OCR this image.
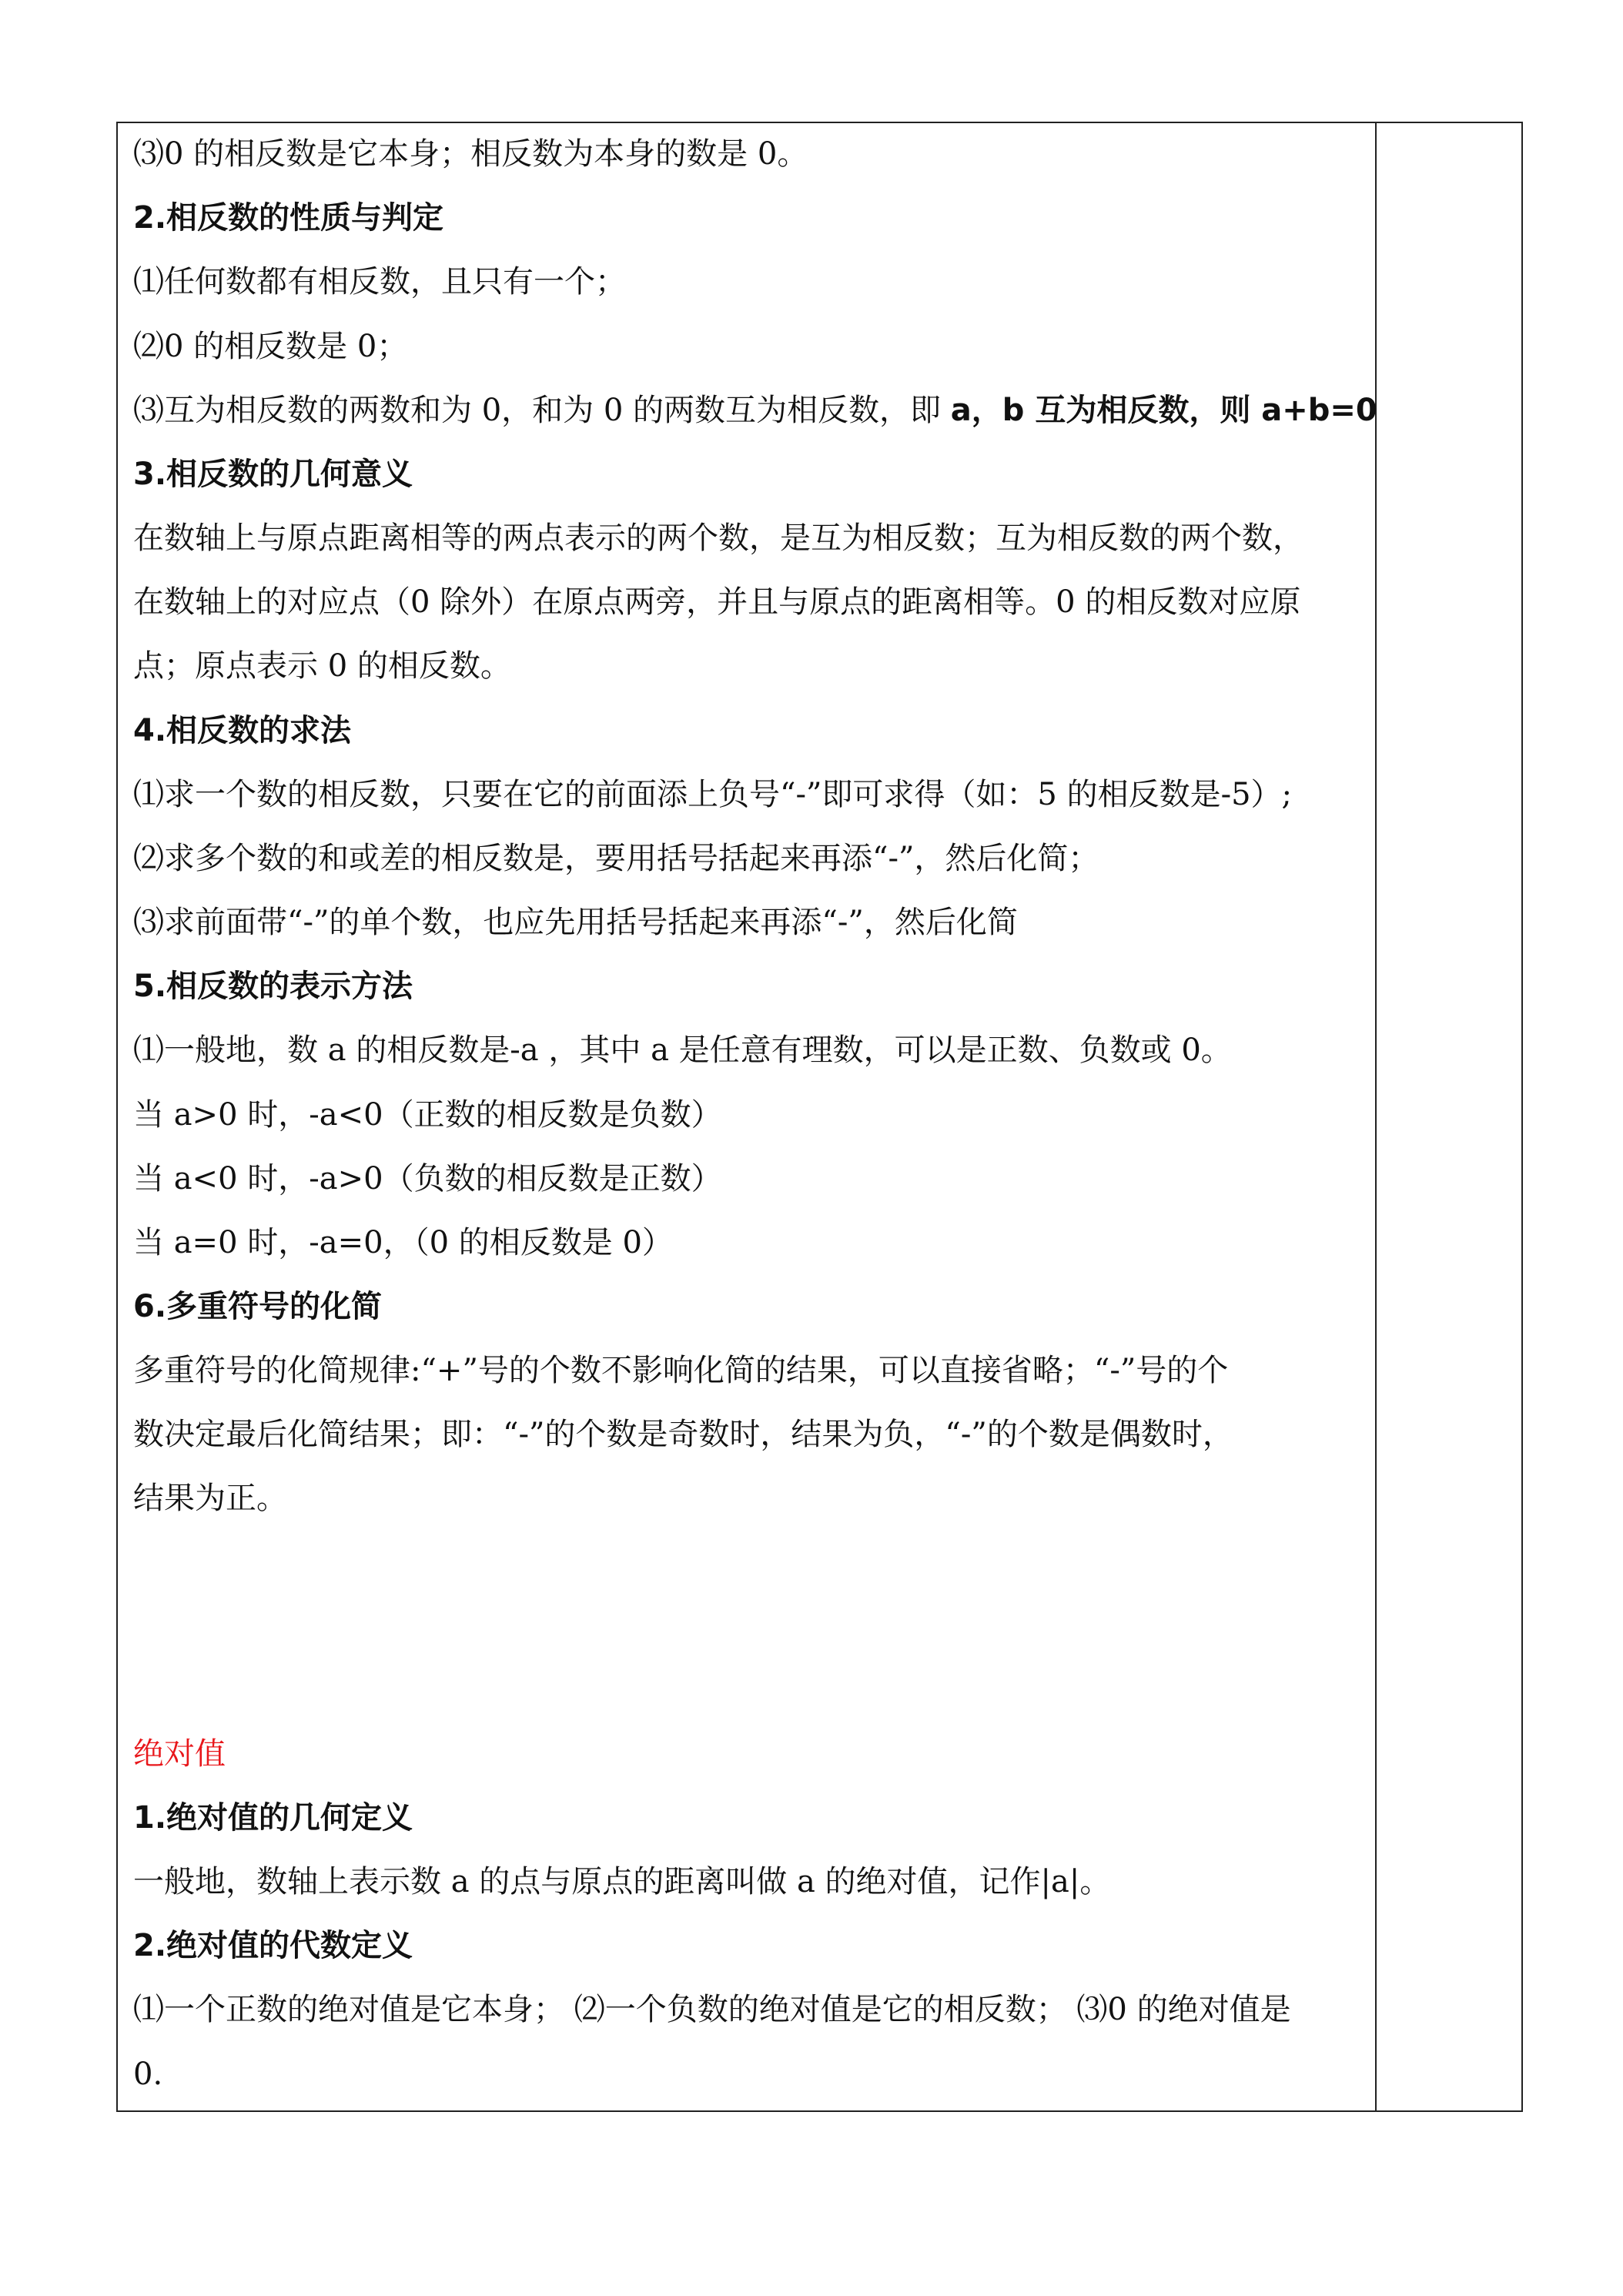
⑶0 的相反数是它本身；相反数为本身的数是 0。
2.相反数的性质与判定
⑴任何数都有相反数，且只有一个；
⑵0 的相反数是 0；
⑶互为相反数的两数和为 0，和为 0 的两数互为相反数，即 a，b 互为相反数，则 a+b=0
3.相反数的几何意义
在数轴上与原点距离相等的两点表示的两个数，是互为相反数；互为相反数的两个数，
在数轴上的对应点（0 除外）在原点两旁，并且与原点的距离相等。0 的相反数对应原
点；原点表示 0 的相反数。
4.相反数的求法
⑴求一个数的相反数，只要在它的前面添上负号“-”即可求得（如：5 的相反数是-5）;
⑵求多个数的和或差的相反数是，要用括号括起来再添“-”，然后化简；
⑶求前面带“-”的单个数，也应先用括号括起来再添“-”，然后化简
5.相反数的表示方法
⑴一般地，数 a 的相反数是-a ，其中 a 是任意有理数，可以是正数、负数或 0。
当 a>0 时，-a<0（正数的相反数是负数）
当 a<0 时，-a>0（负数的相反数是正数）
当 a=0 时，-a=0，（0 的相反数是 0）
6.多重符号的化简
多重符号的化简规律:“+”号的个数不影响化简的结果，可以直接省略；“-”号的个
数决定最后化简结果；即：“-”的个数是奇数时，结果为负，“-”的个数是偶数时，
结果为正。
绝对值
1.绝对值的几何定义
一般地，数轴上表示数 a 的点与原点的距离叫做 a 的绝对值，记作|a|。
2.绝对值的代数定义
⑴一个正数的绝对值是它本身； ⑵一个负数的绝对值是它的相反数； ⑶0 的绝对值是
0.
